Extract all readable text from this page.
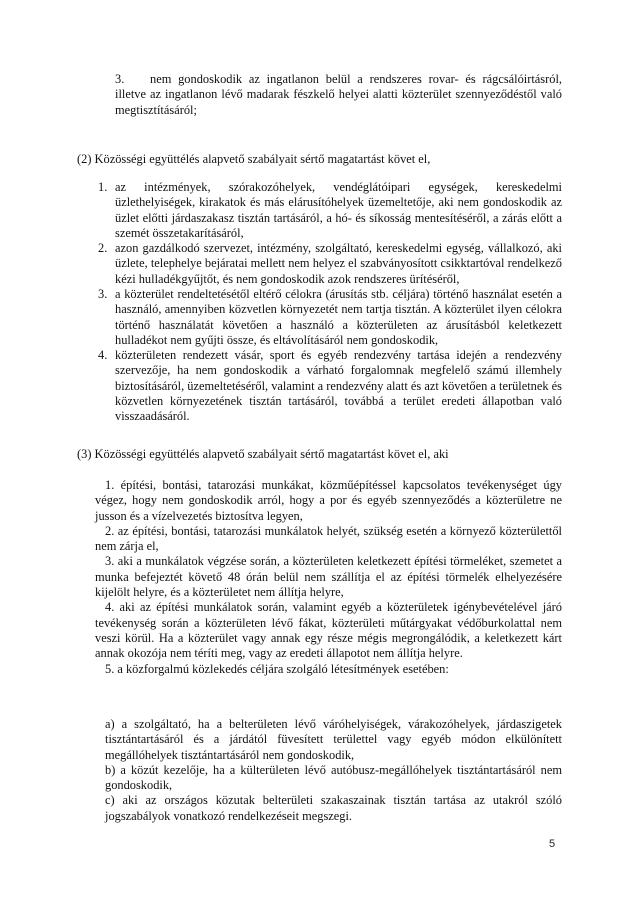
3. nem gondoskodik az ingatlanon belül a rendszeres rovar- és rágcsálóirtásról, illetve az ingatlanon lévő madarak fészkelő helyei alatti közterület szennyeződéstől való megtisztításáról;
(2) Közösségi együttélés alapvető szabályait sértő magatartást követ el,
1. az intézmények, szórakozóhelyek, vendéglátóipari egységek, kereskedelmi üzlethelyiségek, kirakatok és más elárusítóhelyek üzemeltetője, aki nem gondoskodik az üzlet előtti járdaszakasz tisztán tartásáról, a hó- és síkosság mentesítéséről, a zárás előtt a szemét összetakarításáról,
2. azon gazdálkodó szervezet, intézmény, szolgáltató, kereskedelmi egység, vállalkozó, aki üzlete, telephelye bejáratai mellett nem helyez el szabványosított csikktartóval rendelkező kézi hulladékgyűjtőt, és nem gondoskodik azok rendszeres ürítéséről,
3. a közterület rendeltetésétől eltérő célokra (árusítás stb. céljára) történő használat esetén a használó, amennyiben közvetlen környezetét nem tartja tisztán. A közterület ilyen célokra történő használatát követően a használó a közterületen az árusításból keletkezett hulladékot nem gyűjti össze, és eltávolításáról nem gondoskodik,
4. közterületen rendezett vásár, sport és egyéb rendezvény tartása idején a rendezvény szervezője, ha nem gondoskodik a várható forgalomnak megfelelő számú illemhely biztosításáról, üzemeltetéséről, valamint a rendezvény alatt és azt követően a területnek és közvetlen környezetének tisztán tartásáról, továbbá a terület eredeti állapotban való visszaadásáról.
(3) Közösségi együttélés alapvető szabályait sértő magatartást követ el, aki

1. építési, bontási, tatarozási munkákat, közműépítéssel kapcsolatos tevékenységet úgy végez, hogy nem gondoskodik arról, hogy a por és egyéb szennyeződés a közterületre ne jusson és a vízelvezetés biztosítva legyen,

2. az építési, bontási, tatarozási munkálatok helyét, szükség esetén a környező közterülettől nem zárja el,

3. aki a munkálatok végzése során, a közterületen keletkezett építési törmeléket, szemetet a munka befejeztét követő 48 órán belül nem szállítja el az építési törmelék elhelyezésére kijelölt helyre, és a közterületet nem állítja helyre,

4. aki az építési munkálatok során, valamint egyéb a közterületek igénybevételével járó tevékenység során a közterületen lévő fákat, közterületi műtárgyakat védőburkolattal nem veszi körül. Ha a közterület vagy annak egy része mégis megrongálódik, a keletkezett kárt annak okozója nem téríti meg, vagy az eredeti állapotot nem állítja helyre.

5. a közforgalmú közlekedés céljára szolgáló létesítmények esetében:

a) a szolgáltató, ha a belterületen lévő váróhelyiségek, várakozóhelyek, járdaszigetek tisztántartásáról és a járdától füvesített területtel vagy egyéb módon elkülönített megállóhelyek tisztántartásáról nem gondoskodik,

b) a közút kezelője, ha a külterületen lévő autóbusz-megállóhelyek tisztántartásáról nem gondoskodik,

c) aki az országos közutak belterületi szakaszainak tisztán tartása az utakról szóló jogszabályok vonatkozó rendelkezéseit megszegi.

5
